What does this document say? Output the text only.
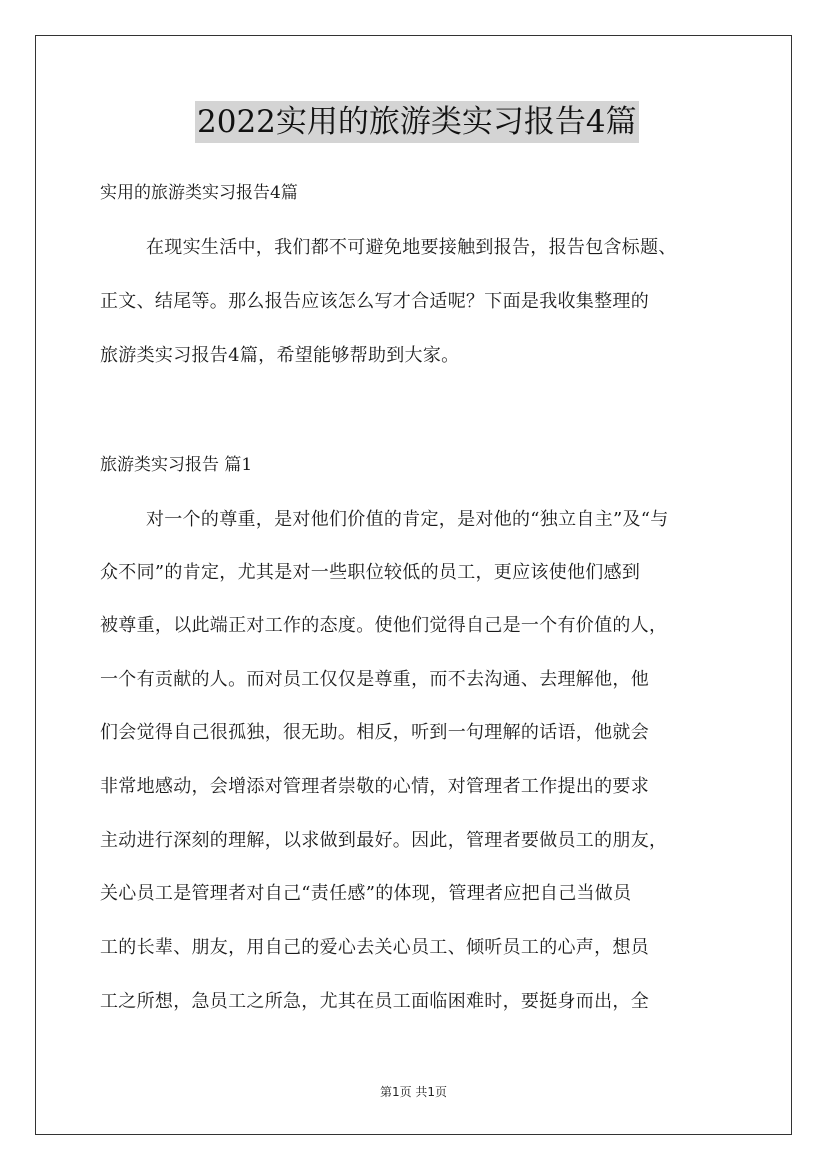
2022实用的旅游类实习报告4篇
实用的旅游类实习报告4篇
在现实生活中，我们都不可避免地要接触到报告，报告包含标题、
正文、结尾等。那么报告应该怎么写才合适呢？下面是我收集整理的
旅游类实习报告4篇，希望能够帮助到大家。
旅游类实习报告 篇1
对一个的尊重，是对他们价值的肯定，是对他的“独立自主”及“与
众不同”的肯定，尤其是对一些职位较低的员工，更应该使他们感到
被尊重，以此端正对工作的态度。使他们觉得自己是一个有价值的人，
一个有贡献的人。而对员工仅仅是尊重，而不去沟通、去理解他，他
们会觉得自己很孤独，很无助。相反，听到一句理解的话语，他就会
非常地感动，会增添对管理者崇敬的心情，对管理者工作提出的要求
主动进行深刻的理解，以求做到最好。因此，管理者要做员工的朋友，
关心员工是管理者对自己“责任感”的体现，管理者应把自己当做员
工的长辈、朋友，用自己的爱心去关心员工、倾听员工的心声，想员
工之所想，急员工之所急，尤其在员工面临困难时，要挺身而出，全
第1页 共1页
